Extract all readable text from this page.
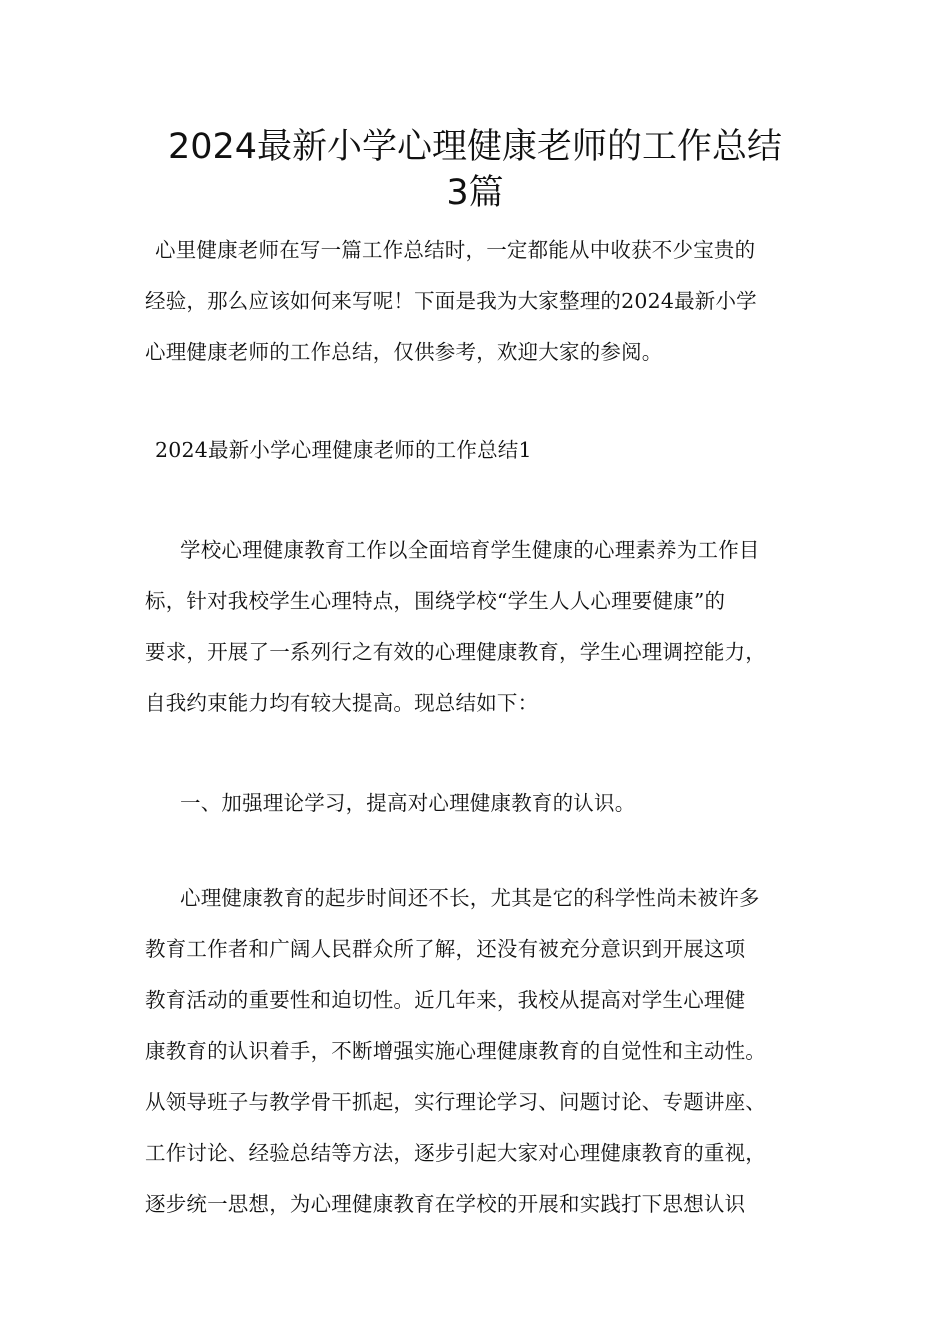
2024最新小学心理健康老师的工作总结
3篇

心里健康老师在写一篇工作总结时，一定都能从中收获不少宝贵的
经验，那么应该如何来写呢！下面是我为大家整理的2024最新小学
心理健康老师的工作总结，仅供参考，欢迎大家的参阅。

2024最新小学心理健康老师的工作总结1

学校心理健康教育工作以全面培育学生健康的心理素养为工作目
标，针对我校学生心理特点，围绕学校“学生人人心理要健康”的
要求，开展了一系列行之有效的心理健康教育，学生心理调控能力，
自我约束能力均有较大提高。现总结如下：

一、加强理论学习，提高对心理健康教育的认识。

心理健康教育的起步时间还不长，尤其是它的科学性尚未被许多
教育工作者和广阔人民群众所了解，还没有被充分意识到开展这项
教育活动的重要性和迫切性。近几年来，我校从提高对学生心理健
康教育的认识着手，不断增强实施心理健康教育的自觉性和主动性。
从领导班子与教学骨干抓起，实行理论学习、问题讨论、专题讲座、
工作讨论、经验总结等方法，逐步引起大家对心理健康教育的重视，
逐步统一思想，为心理健康教育在学校的开展和实践打下思想认识
